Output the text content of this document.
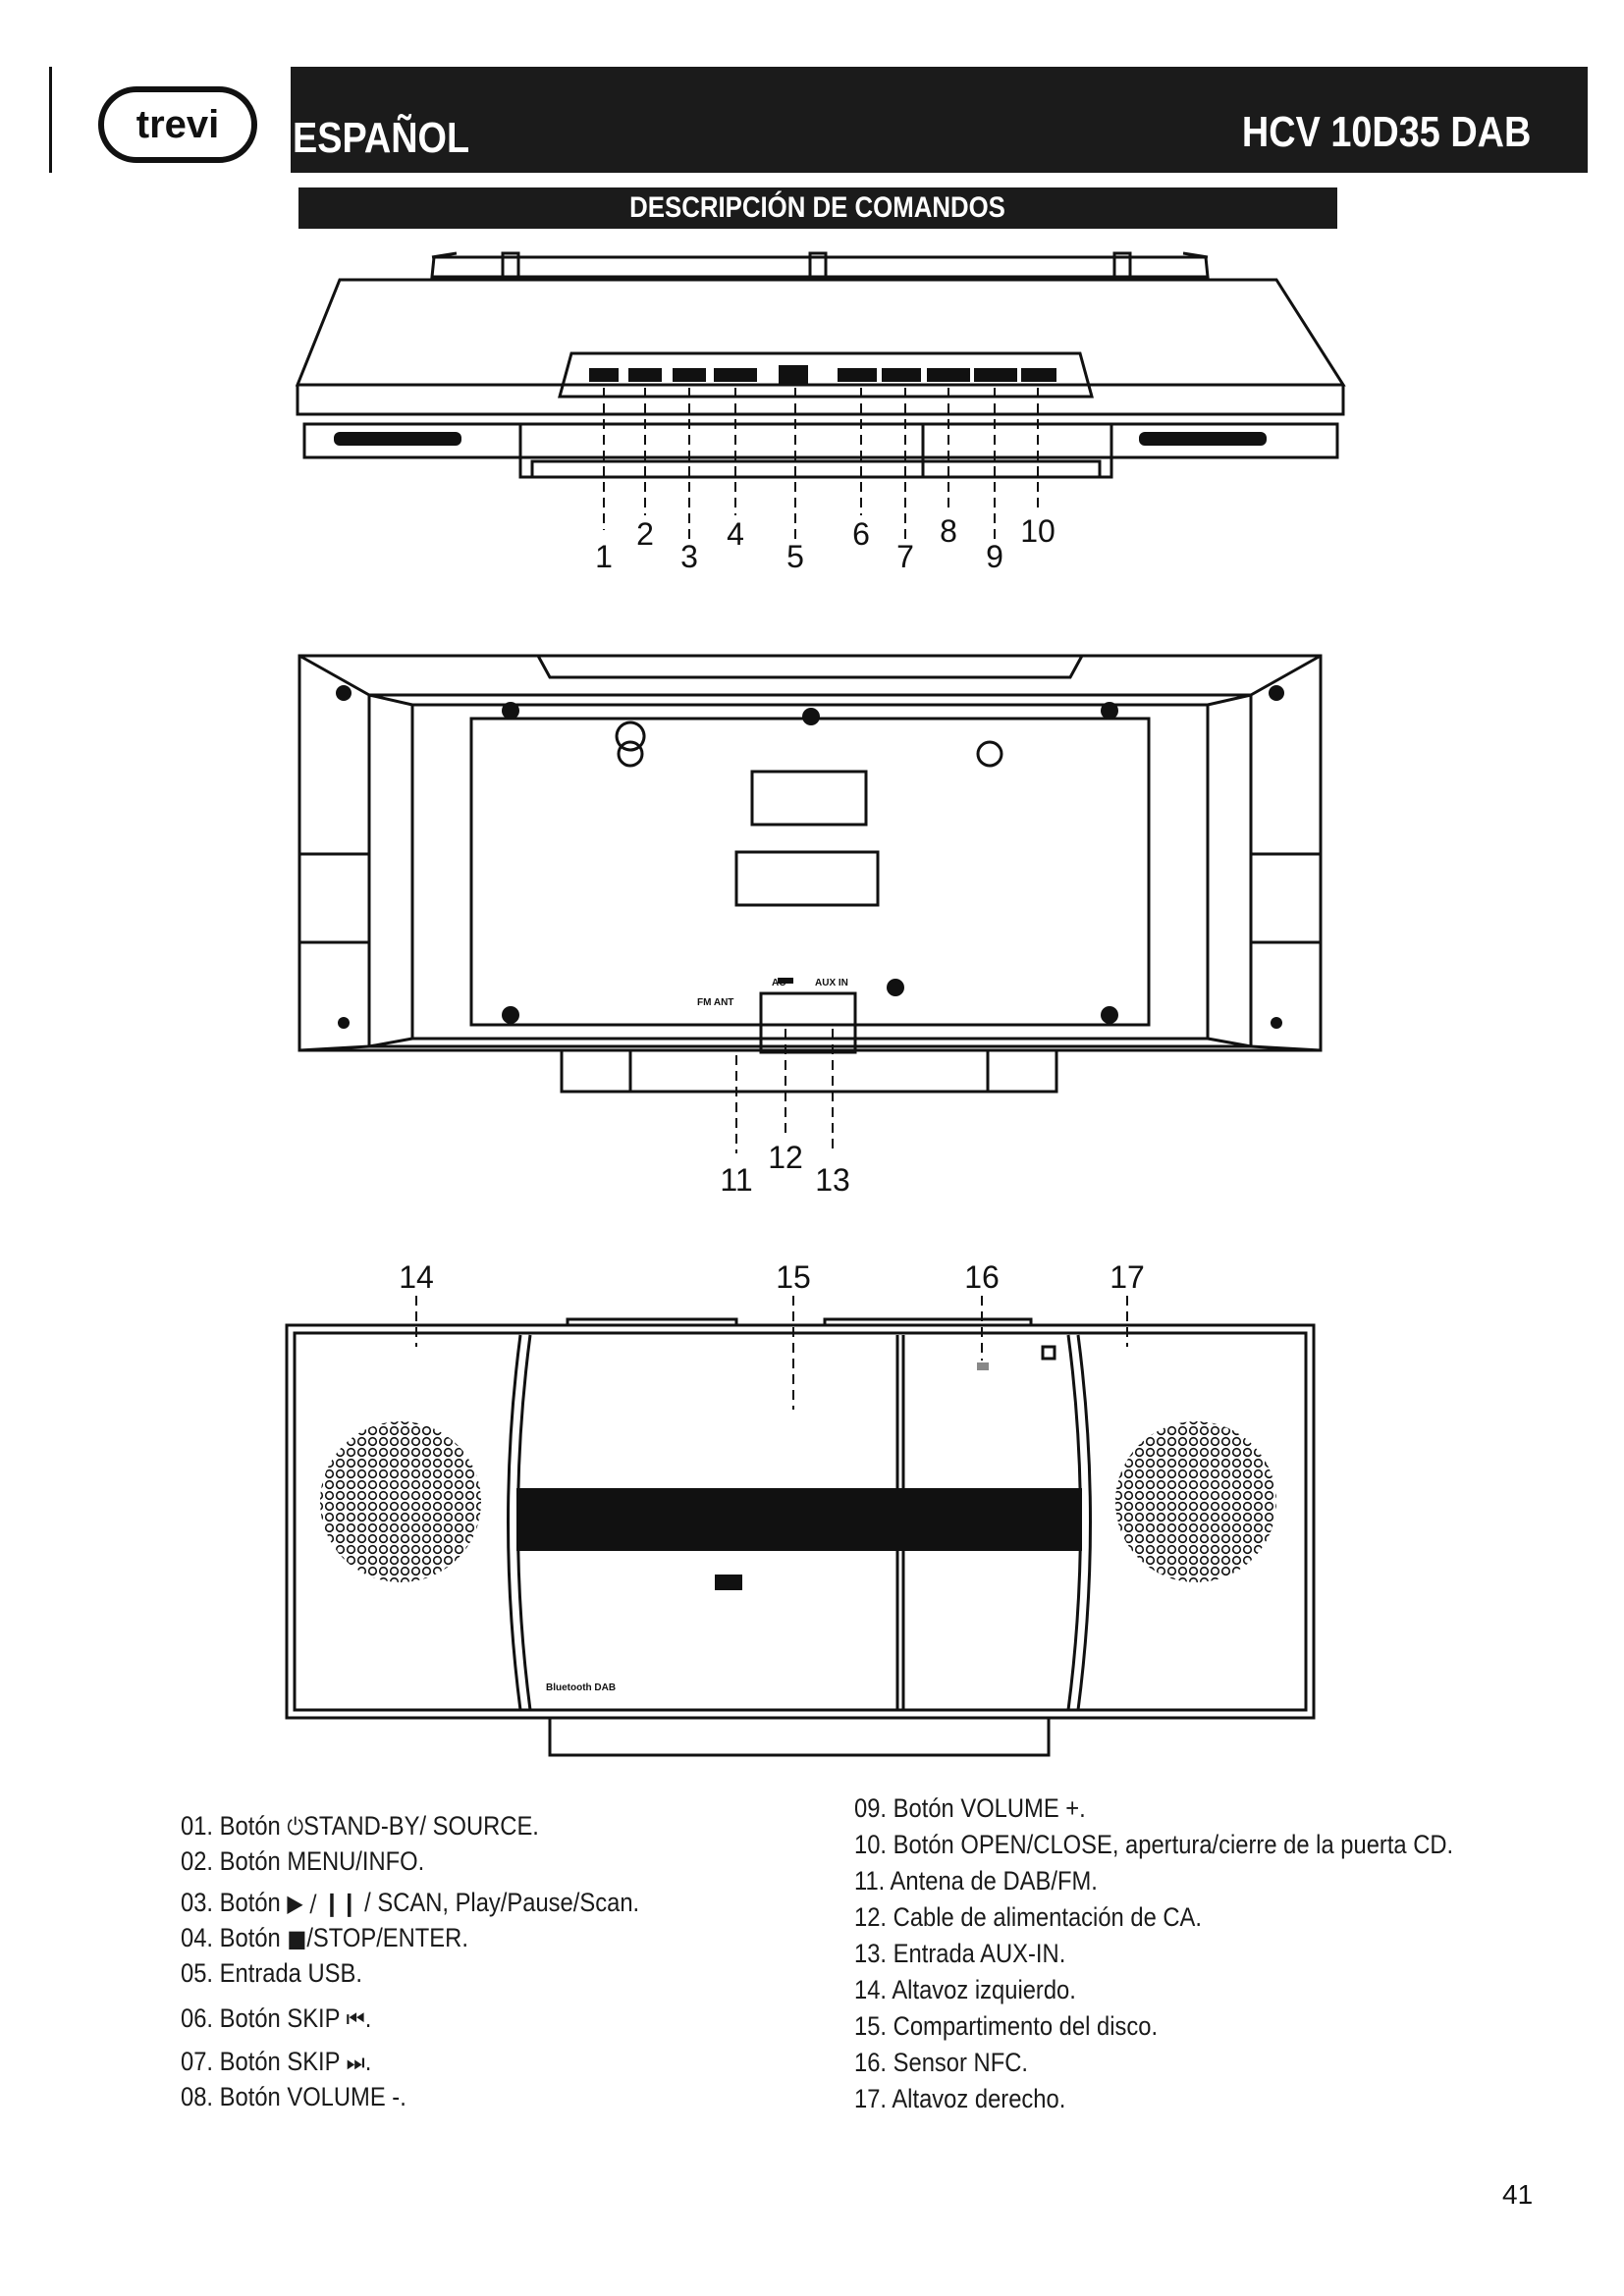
trevi ESPAÑOL	HCV 10D35 DAB
DESCRIPCIÓN DE COMANDOS
1
2
3
4
5
6
7
8
9
10
FM ANT
AC	AUX IN
11
12
13
Bluetooth DAB
14	15	16	17
01. Botón ⏻STAND-BY/ SOURCE.
02. Botón MENU/INFO.
03. Botón ▶ / ❙❙ / SCAN, Play/Pause/Scan.
04. Botón ■/STOP/ENTER.
05. Entrada USB.
06. Botón SKIP ⏮.
07. Botón SKIP ⏭.
08. Botón VOLUME -.
09. Botón VOLUME +.
10. Botón OPEN/CLOSE, apertura/cierre de la puerta CD.
11. Antena de DAB/FM.
12. Cable de alimentación de CA.
13. Entrada AUX-IN.
14. Altavoz izquierdo.
15. Compartimento del disco.
16. Sensor NFC.
17. Altavoz derecho.
41
